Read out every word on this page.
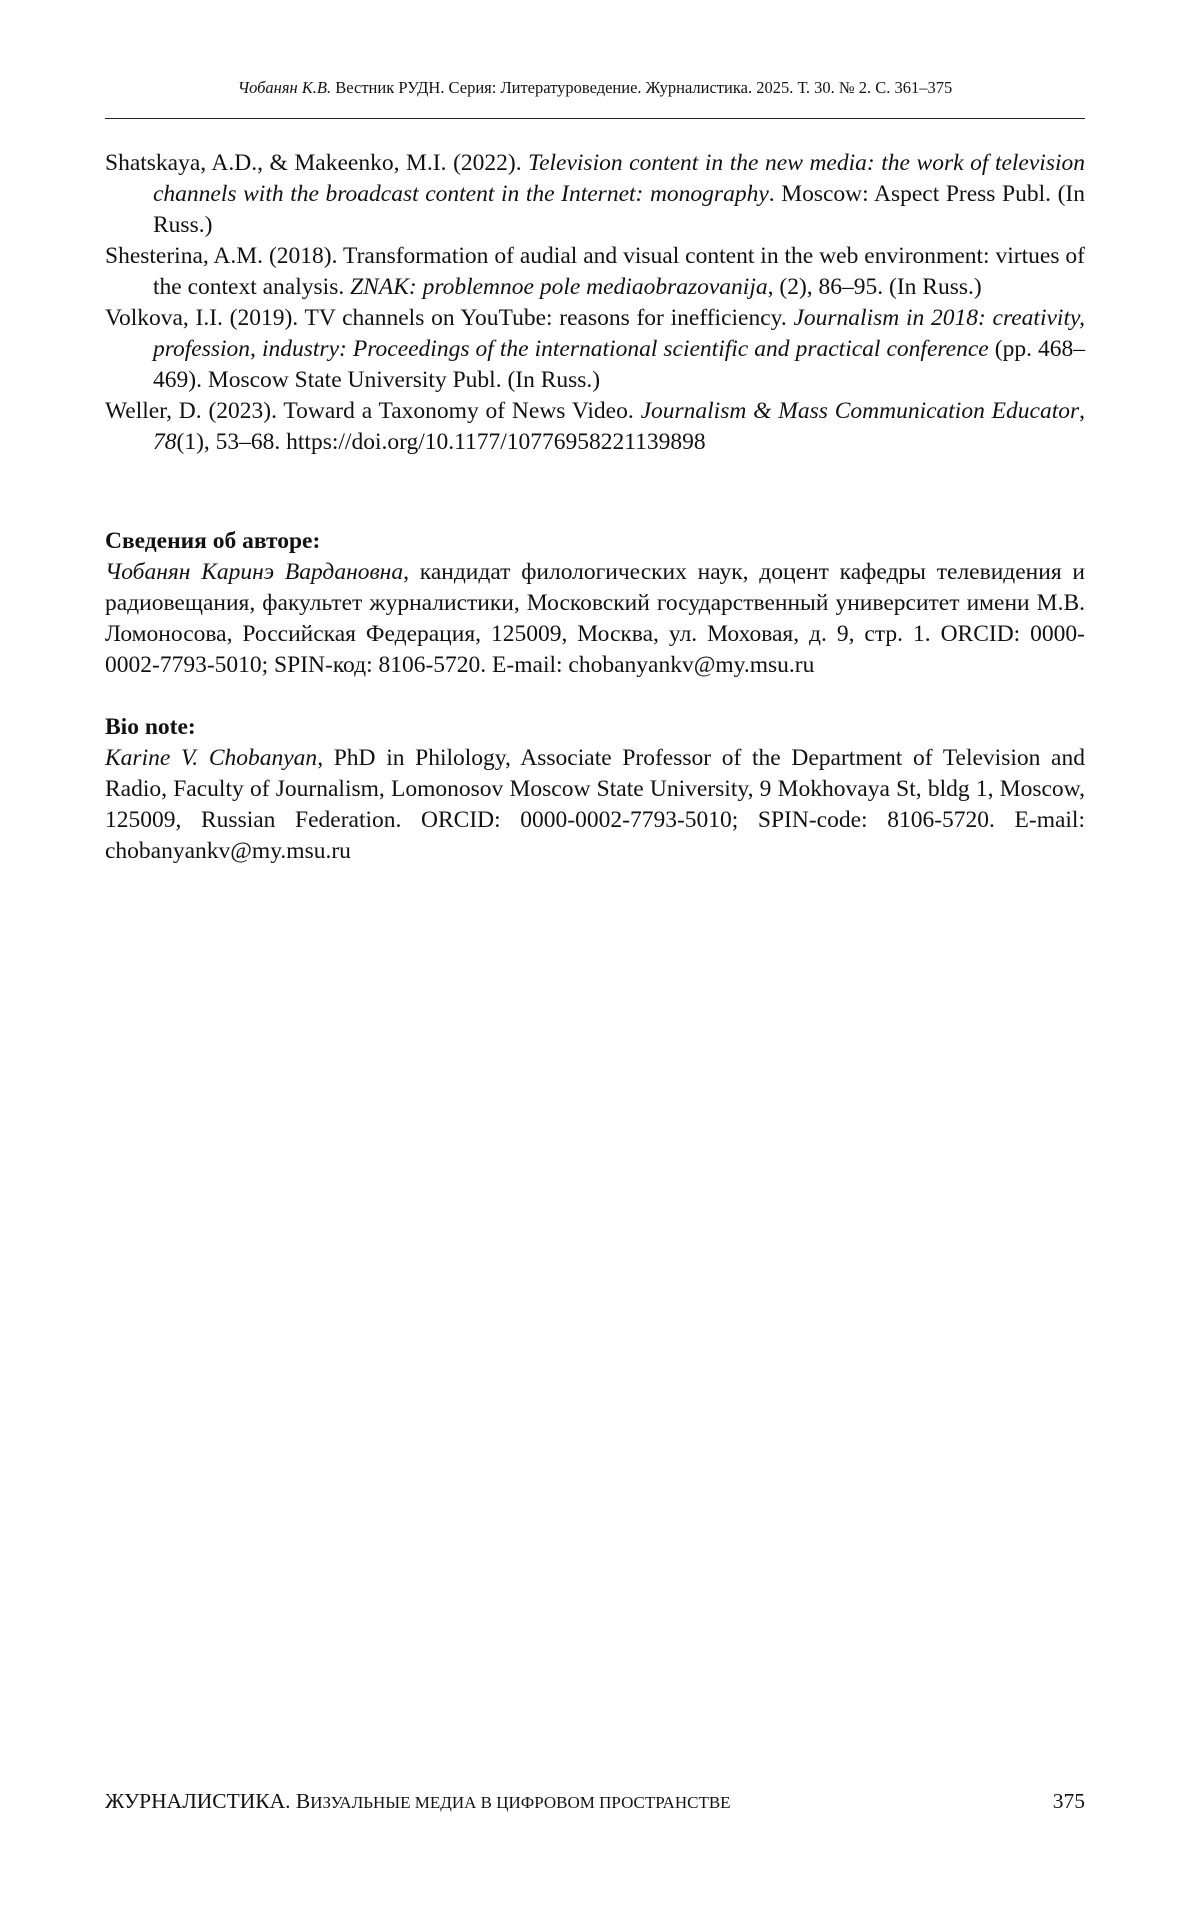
Чобанян К.В. Вестник РУДН. Серия: Литературоведение. Журналистика. 2025. Т. 30. № 2. С. 361–375

Shatskaya, A.D., & Makeenko, M.I. (2022). Television content in the new media: the work of television channels with the broadcast content in the Internet: monography. Moscow: Aspect Press Publ. (In Russ.)

Shesterina, A.M. (2018). Transformation of audial and visual content in the web environment: virtues of the context analysis. ZNAK: problemnoe pole mediaobrazovanija, (2), 86–95. (In Russ.)

Volkova, I.I. (2019). TV channels on YouTube: reasons for inefficiency. Journalism in 2018: creativity, profession, industry: Proceedings of the international scientific and practical conference (pp. 468–469). Moscow State University Publ. (In Russ.)

Weller, D. (2023). Toward a Taxonomy of News Video. Journalism & Mass Communication Educator, 78(1), 53–68. https://doi.org/10.1177/10776958221139898

Сведения об авторе:

Чобанян Каринэ Вардановна, кандидат филологических наук, доцент кафедры телевидения и радиовещания, факультет журналистики, Московский государственный университет имени М.В. Ломоносова, Российская Федерация, 125009, Москва, ул. Моховая, д. 9, стр. 1. ORCID: 0000-0002-7793-5010; SPIN-код: 8106-5720. E-mail: chobanyankv@my.msu.ru

Bio note:

Karine V. Chobanyan, PhD in Philology, Associate Professor of the Department of Television and Radio, Faculty of Journalism, Lomonosov Moscow State University, 9 Mokhovaya St, bldg 1, Moscow, 125009, Russian Federation. ORCID: 0000-0002-7793-5010; SPIN-code: 8106-5720. E-mail: chobanyankv@my.msu.ru

ЖУРНАЛИСТИКА. ВИЗУАЛЬНЫЕ МЕДИА В ЦИФРОВОМ ПРОСТРАНСТВЕ	375
